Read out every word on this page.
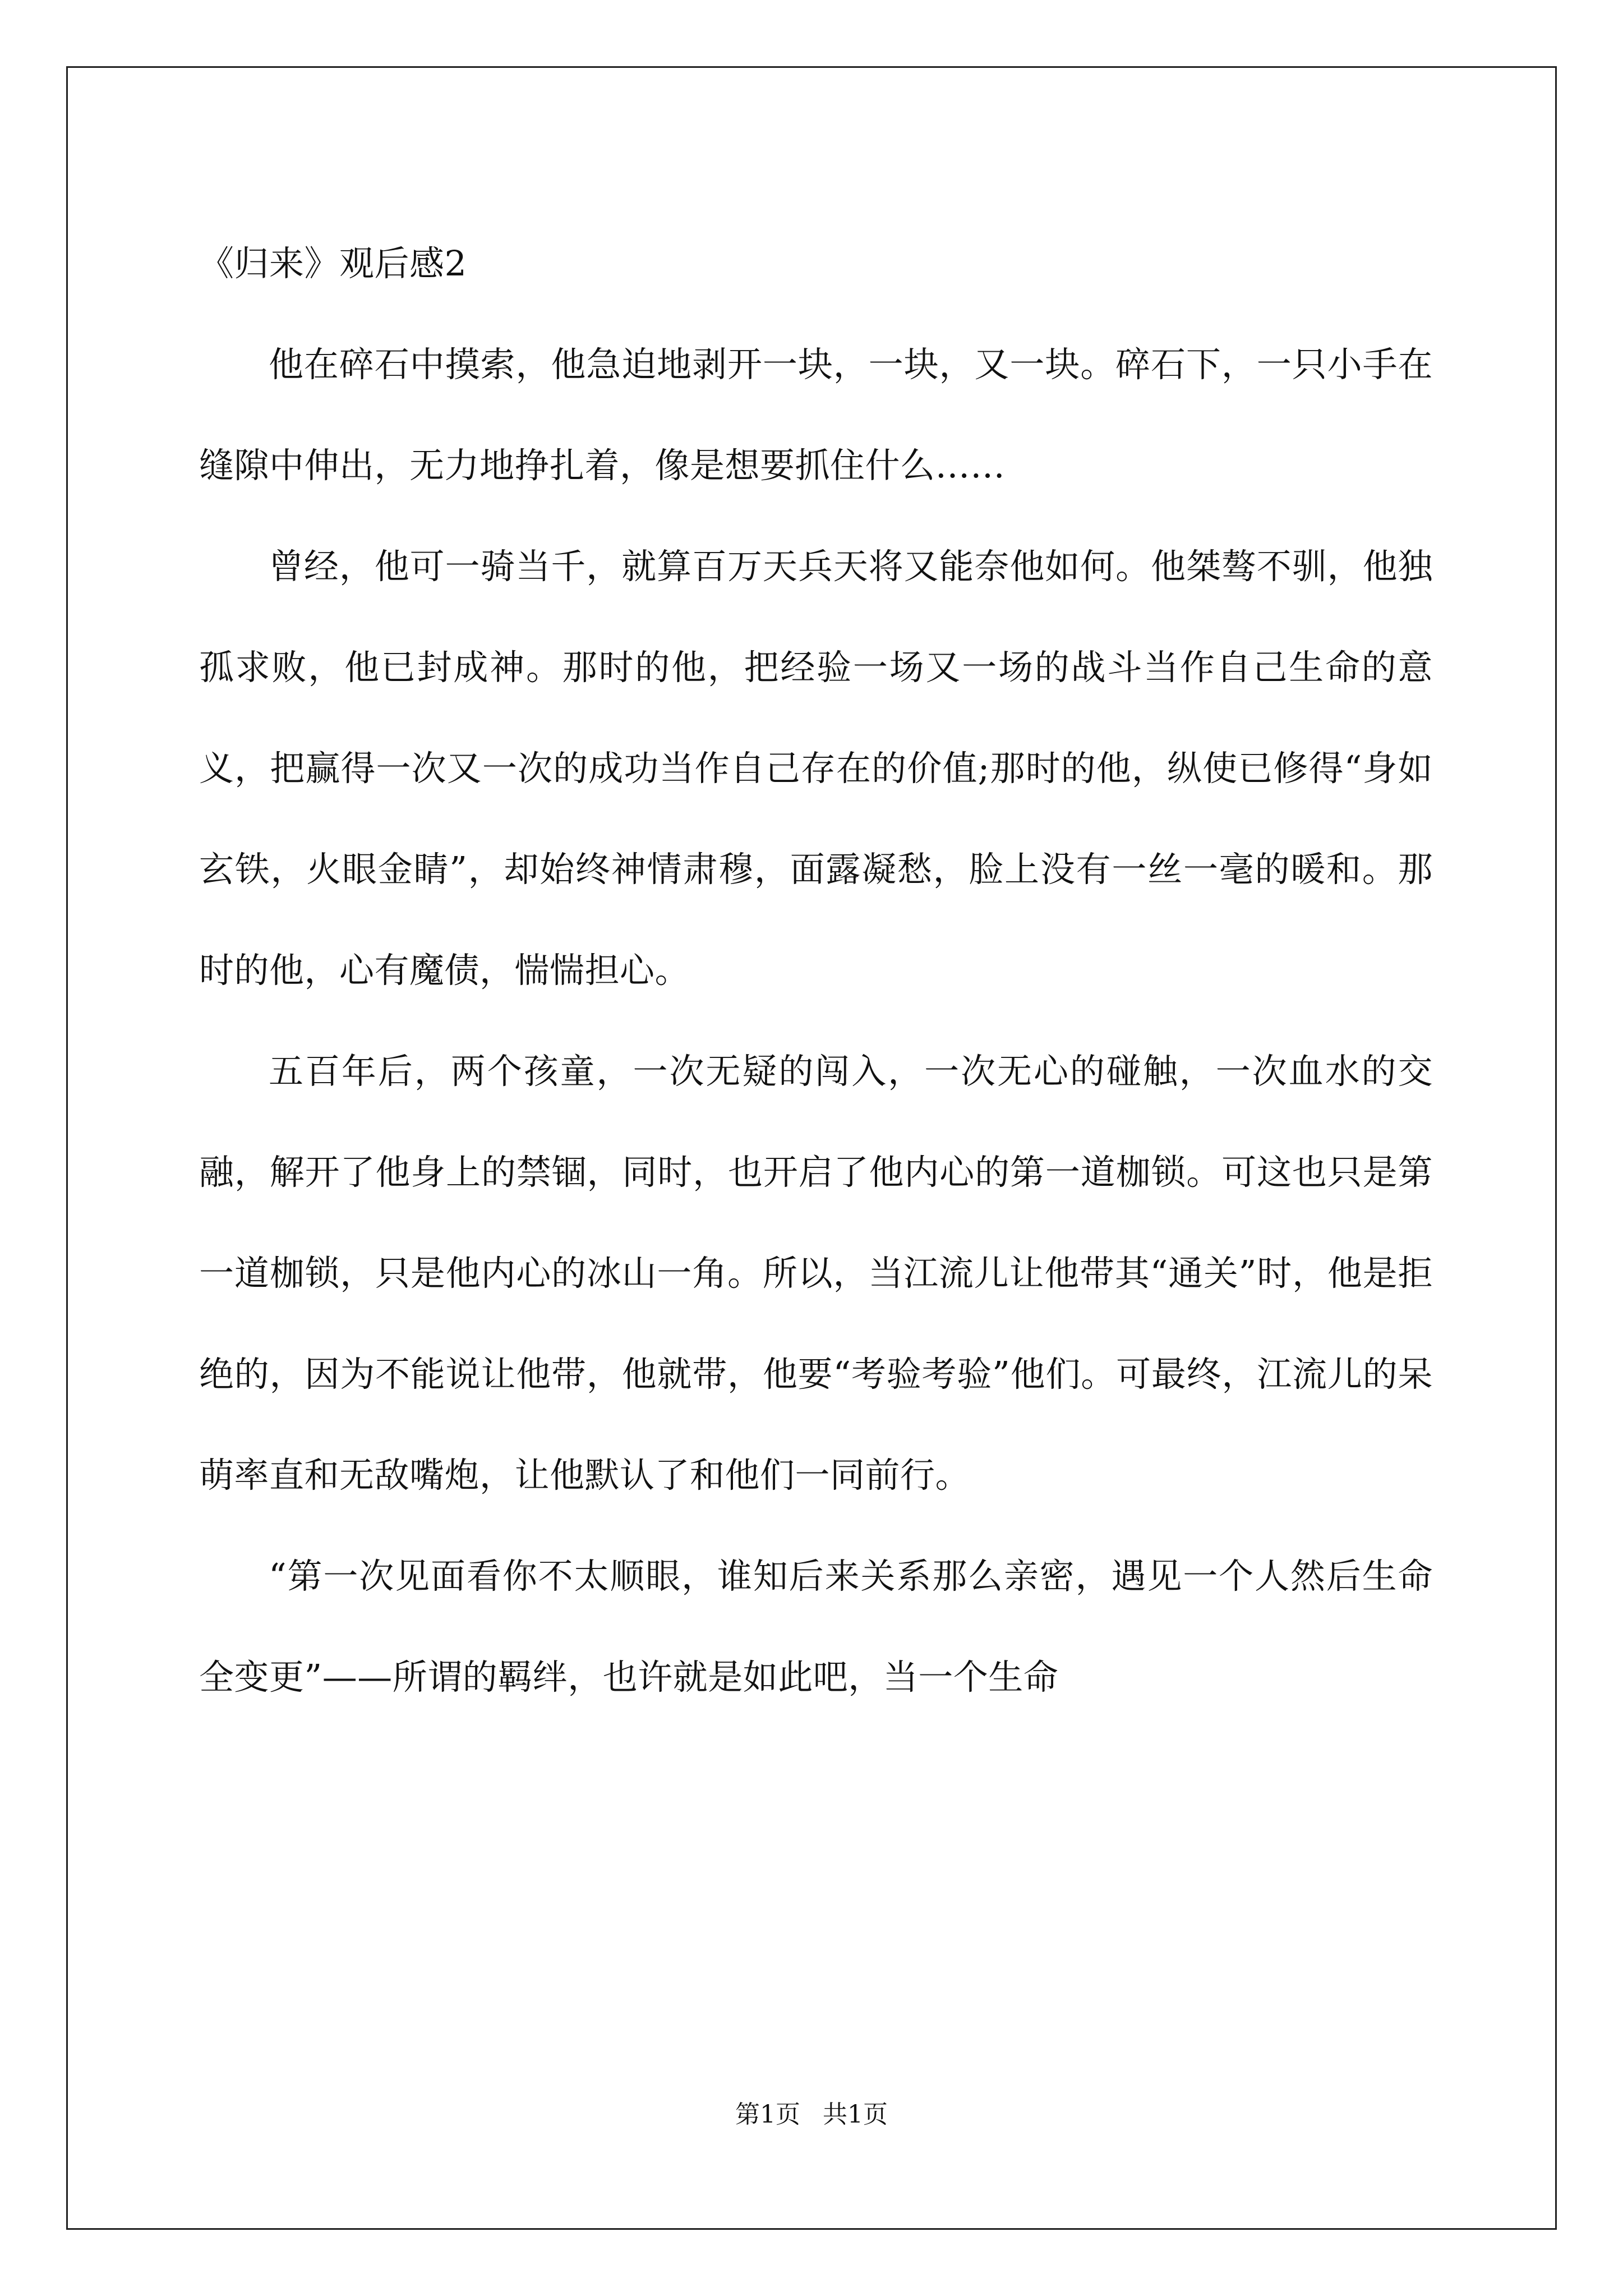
《归来》观后感2

他在碎石中摸索，他急迫地剥开一块，一块，又一块。碎石下，一只小手在缝隙中伸出，无力地挣扎着，像是想要抓住什么……

曾经，他可一骑当千，就算百万天兵天将又能奈他如何。他桀骜不驯，他独孤求败，他已封成神。那时的他，把经验一场又一场的战斗当作自己生命的意义，把赢得一次又一次的成功当作自己存在的价值;那时的他，纵使已修得“身如玄铁，火眼金睛”，却始终神情肃穆，面露凝愁，脸上没有一丝一毫的暖和。那时的他，心有魔债，惴惴担心。

五百年后，两个孩童，一次无疑的闯入，一次无心的碰触，一次血水的交融，解开了他身上的禁锢，同时，也开启了他内心的第一道枷锁。可这也只是第一道枷锁，只是他内心的冰山一角。所以，当江流儿让他带其“通关”时，他是拒绝的，因为不能说让他带，他就带，他要“考验考验”他们。可最终，江流儿的呆萌率直和无敌嘴炮，让他默认了和他们一同前行。

“第一次见面看你不太顺眼，谁知后来关系那么亲密，遇见一个人然后生命全变更”——所谓的羁绊，也许就是如此吧，当一个生命

第1页 共1页
